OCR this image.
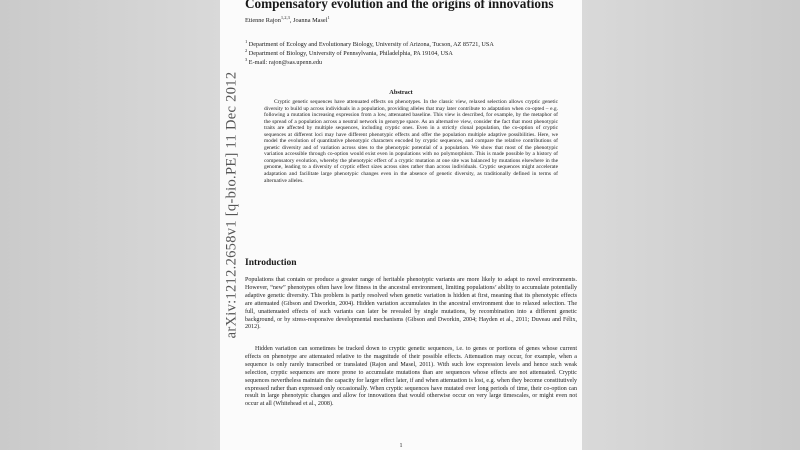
Compensatory evolution and the origins of innovations
Etienne Rajon$^{1,2,3}$, Joanna Masel$^1$
$^1$ Department of Ecology and Evolutionary Biology, University of Arizona, Tucson, AZ 85721, USA
$^2$ Department of Biology, University of Pennsylvania, Philadelphia, PA 19104, USA
$^3$ E-mail: rajon@sas.upenn.edu
Abstract
Cryptic genetic sequences have attenuated effects on phenotypes. In the classic view, relaxed selection allows cryptic genetic diversity to build up across individuals in a population, providing alleles that may later contribute to adaptation when co-opted – e.g. following a mutation increasing expression from a low, attenuated baseline. This view is described, for example, by the metaphor of the spread of a population across a neutral network in genotype space. As an alternative view, consider the fact that most phenotypic traits are affected by multiple sequences, including cryptic ones. Even in a strictly clonal population, the co-option of cryptic sequences at different loci may have different phenotypic effects and offer the population multiple adaptive possibilities. Here, we model the evolution of quantitative phenotypic characters encoded by cryptic sequences, and compare the relative contributions of genetic diversity and of variation across sites to the phenotypic potential of a population. We show that most of the phenotypic variation accessible through co-option would exist even in populations with no polymorphism. This is made possible by a history of compensatory evolution, whereby the phenotypic effect of a cryptic mutation at one site was balanced by mutations elsewhere in the genome, leading to a diversity of cryptic effect sizes across sites rather than across individuals. Cryptic sequences might accelerate adaptation and facilitate large phenotypic changes even in the absence of genetic diversity, as traditionally defined in terms of alternative alleles.
Introduction
Populations that contain or produce a greater range of heritable phenotypic variants are more likely to adapt to novel environments. However, “new” phenotypes often have low fitness in the ancestral environment, limiting populations’ ability to accumulate potentially adaptive genetic diversity. This problem is partly resolved when genetic variation is hidden at first, meaning that its phenotypic effects are attenuated (Gibson and Dworkin, 2004). Hidden variation accumulates in the ancestral environment due to relaxed selection. The full, unattenuated effects of such variants can later be revealed by single mutations, by recombination into a different genetic background, or by stress-responsive developmental mechanisms (Gibson and Dworkin, 2004; Hayden et al., 2011; Duveau and Félix, 2012).
Hidden variation can sometimes be tracked down to cryptic genetic sequences, i.e. to genes or portions of genes whose current effects on phenotype are attenuated relative to the magnitude of their possible effects. Attenuation may occur, for example, when a sequence is only rarely transcribed or translated (Rajon and Masel, 2011). With such low expression levels and hence such weak selection, cryptic sequences are more prone to accumulate mutations than are sequences whose effects are not attenuated. Cryptic sequences nevertheless maintain the capacity for larger effect later, if and when attenuation is lost, e.g. when they become constitutively expressed rather than expressed only occasionally. When cryptic sequences have mutated over long periods of time, their co-option can result in large phenotypic changes and allow for innovations that would otherwise occur on very large timescales, or might even not occur at all (Whitehead et al., 2008).
1
arXiv:1212.2658v1 [q-bio.PE] 11 Dec 2012
